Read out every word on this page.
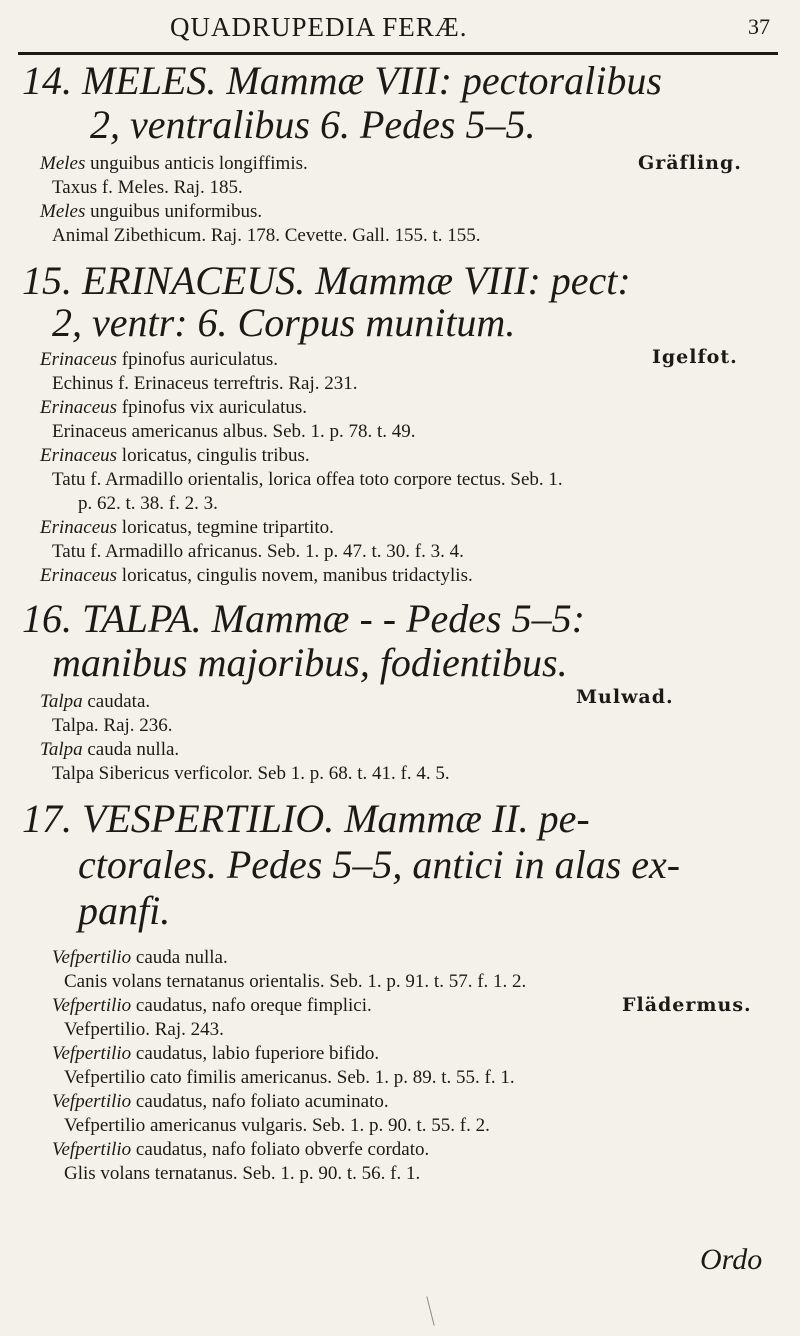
QUADRUPEDIA FERÆ.	37
14. MELES. Mammæ VIII: pectoralibus
2, ventralibus 6. Pedes 5–5.
Gräfling.
Meles unguibus anticis longiffimis.
Taxus f. Meles. Raj. 185.
Meles unguibus uniformibus.
Animal Zibethicum. Raj. 178. Cevette. Gall. 155. t. 155.
15. ERINACEUS. Mammæ VIII: pect:
2, ventr: 6. Corpus munitum.
Igelfot.
Erinaceus fpinofus auriculatus.
Echinus f. Erinaceus terreftris. Raj. 231.
Erinaceus fpinofus vix auriculatus.
Erinaceus americanus albus. Seb. 1. p. 78. t. 49.
Erinaceus loricatus, cingulis tribus.
Tatu f. Armadillo orientalis, lorica offea toto corpore tectus. Seb. 1.
p. 62. t. 38. f. 2. 3.
Erinaceus loricatus, tegmine tripartito.
Tatu f. Armadillo africanus. Seb. 1. p. 47. t. 30. f. 3. 4.
Erinaceus loricatus, cingulis novem, manibus tridactylis.
16. TALPA. Mammæ - - Pedes 5–5:
manibus majoribus, fodientibus.
Mulwad.
Talpa caudata.
Talpa. Raj. 236.
Talpa cauda nulla.
Talpa Sibericus verficolor. Seb 1. p. 68. t. 41. f. 4. 5.
17. VESPERTILIO. Mammæ II. pe-
ctorales. Pedes 5–5, antici in alas ex-
panfi.
Vefpertilio cauda nulla.
Canis volans ternatanus orientalis. Seb. 1. p. 91. t. 57. f. 1. 2.
Flädermus.
Vefpertilio caudatus, nafo oreque fimplici.
Vefpertilio. Raj. 243.
Vefpertilio caudatus, labio fuperiore bifido.
Vefpertilio cato fimilis americanus. Seb. 1. p. 89. t. 55. f. 1.
Vefpertilio caudatus, nafo foliato acuminato.
Vefpertilio americanus vulgaris. Seb. 1. p. 90. t. 55. f. 2.
Vefpertilio caudatus, nafo foliato obverfe cordato.
Glis volans ternatanus. Seb. 1. p. 90. t. 56. f. 1.
Ordo
